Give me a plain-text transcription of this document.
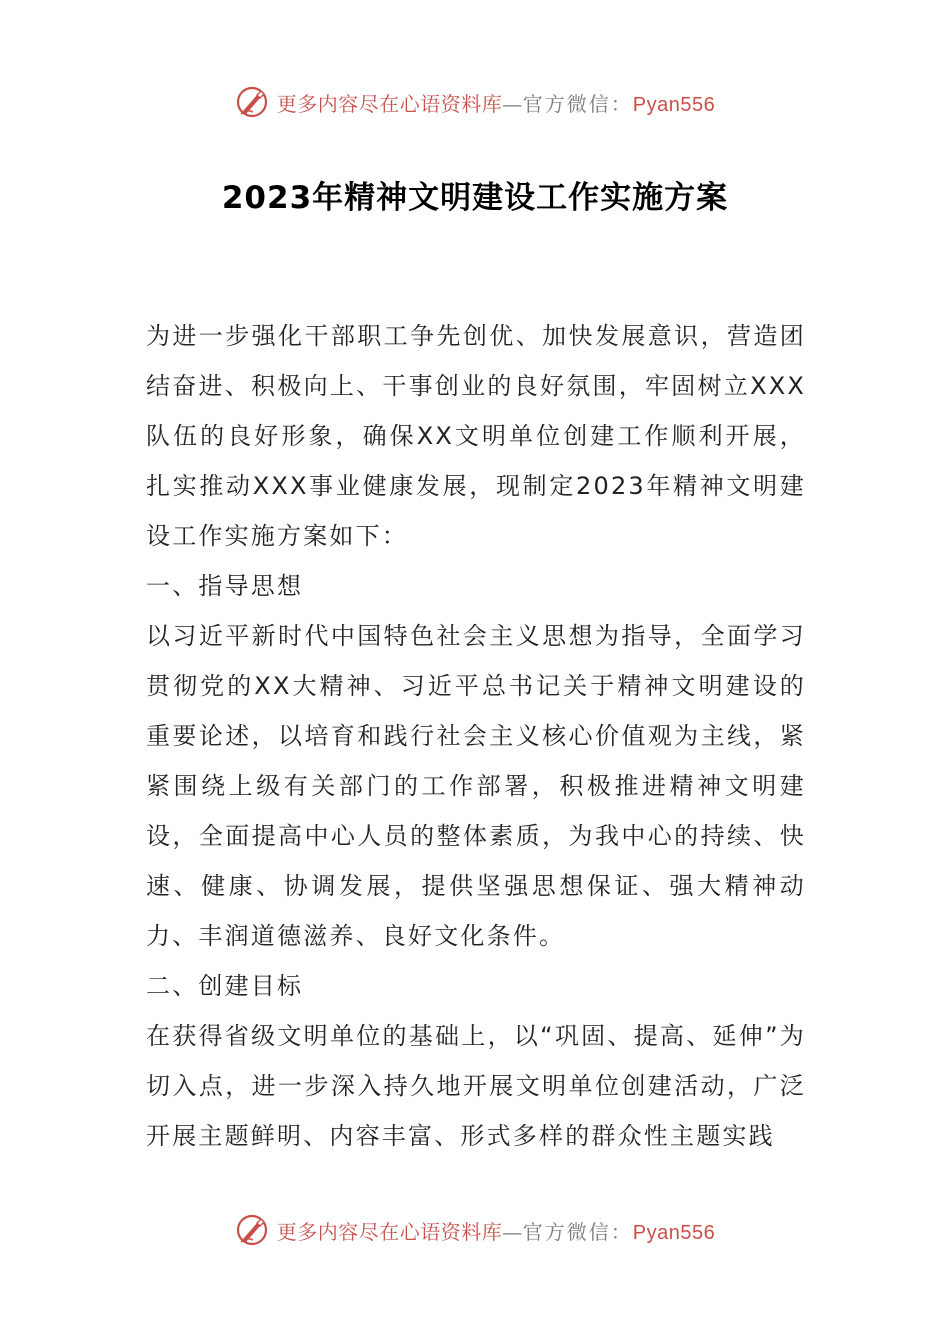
更多内容尽在心语资料库—官方微信：Pyan556
2023年精神文明建设工作实施方案

为进一步强化干部职工争先创优、加快发展意识，营造团结奋进、积极向上、干事创业的良好氛围，牢固树立XXX队伍的良好形象，确保XX文明单位创建工作顺利开展，扎实推动XXX事业健康发展，现制定2023年精神文明建设工作实施方案如下：

一、指导思想

以习近平新时代中国特色社会主义思想为指导，全面学习贯彻党的XX大精神、习近平总书记关于精神文明建设的重要论述，以培育和践行社会主义核心价值观为主线，紧紧围绕上级有关部门的工作部署，积极推进精神文明建设，全面提高中心人员的整体素质，为我中心的持续、快速、健康、协调发展，提供坚强思想保证、强大精神动力、丰润道德滋养、良好文化条件。

二、创建目标

在获得省级文明单位的基础上，以“巩固、提高、延伸”为切入点，进一步深入持久地开展文明单位创建活动，广泛开展主题鲜明、内容丰富、形式多样的群众性主题实践

更多内容尽在心语资料库—官方微信：Pyan556
